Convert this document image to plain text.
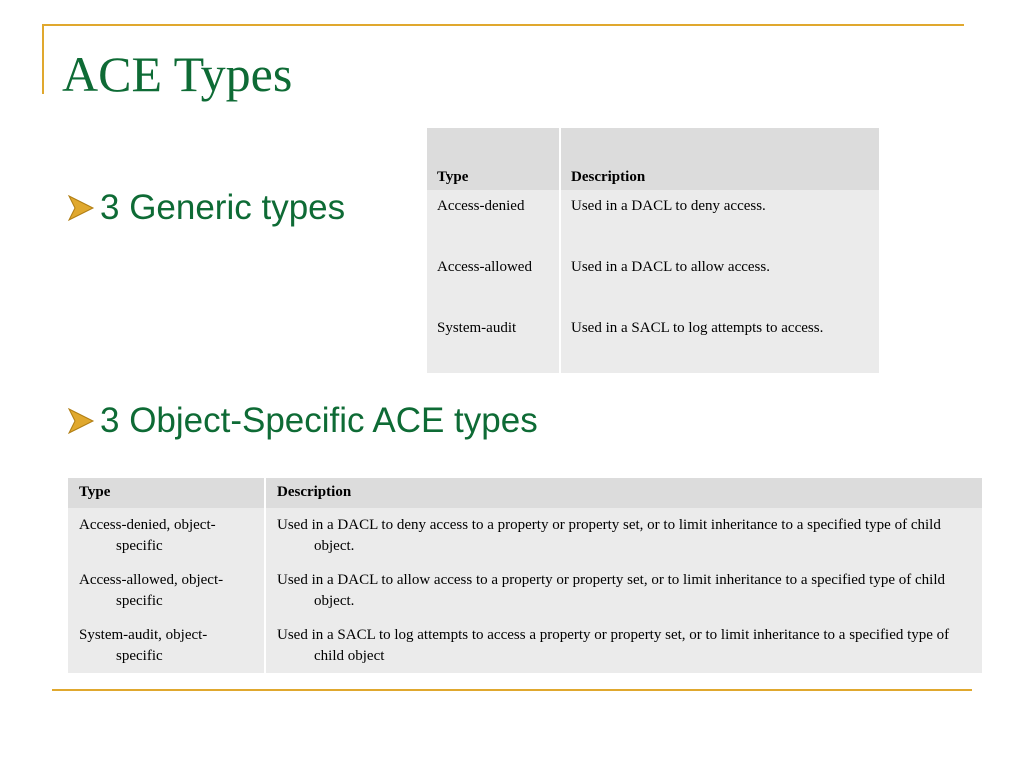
ACE Types
3 Generic types
Type	Description
Access-denied	Used in a DACL to deny access.
Access-allowed	Used in a DACL to allow access.
System-audit	Used in a SACL to log attempts to access.
3 Object-Specific ACE types
Type	Description

Access-denied, object-specific	Used in a DACL to deny access to a property or property set, or to limit inheritance to a specified type of child object.

Access-allowed, object-specific	Used in a DACL to allow access to a property or property set, or to limit inheritance to a specified type of child object.

System-audit, object-specific	Used in a SACL to log attempts to access a property or property set, or to limit inheritance to a specified type of child object
